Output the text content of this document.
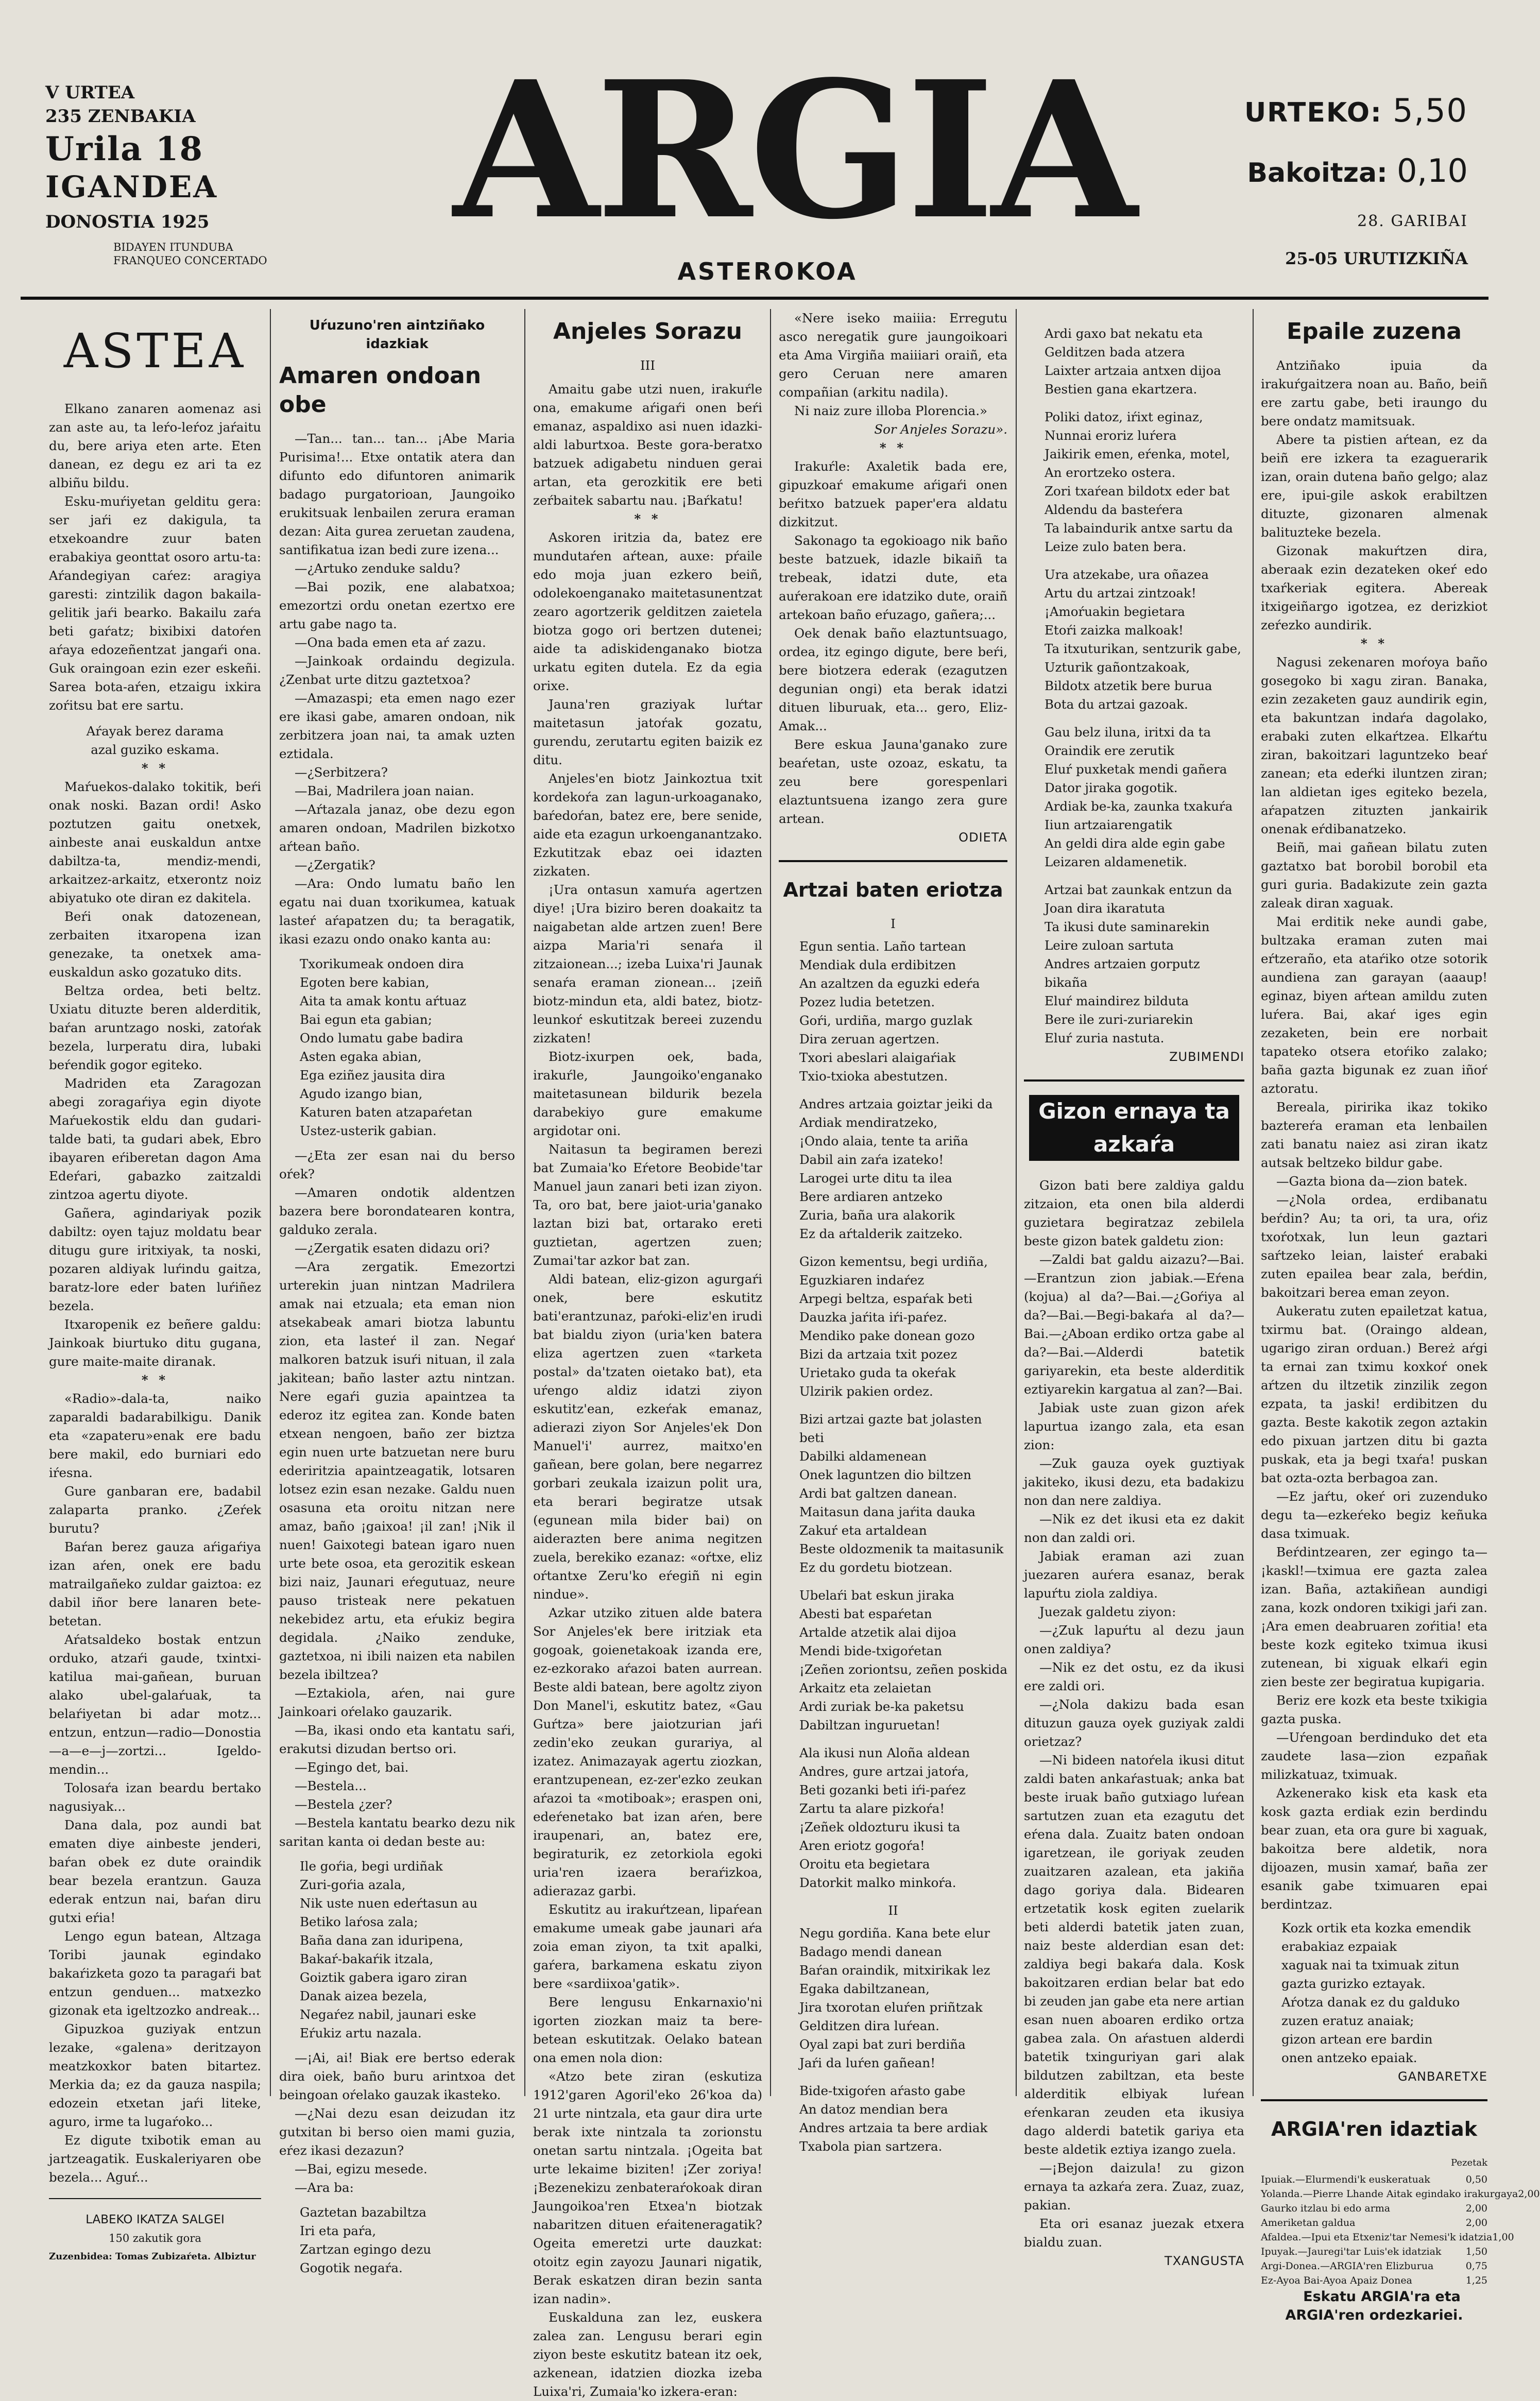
V URTEA
235 ZENBAKIA
Urila 18
IGANDEA
DONOSTIA 1925
BIDAYEN ITUNDUBA
FRANQUEO CONCERTADO ARGIA
ASTEROKOA
URTEKO: 5,50
Bakoitza: 0,10
28. GARIBAI
25-05 URUTIZKIÑA
ASTEA

Elkano zanaren aomenaz asi zan aste au, ta leŕo-leŕoz jaŕaitu du, bere ariya eten arte. Eten danean, ez degu ez ari ta ez albiñu bildu.

Esku-muŕiyetan gelditu gera: ser jaŕi ez dakigula, ta etxekoandre zuur baten erabakiya geonttat osoro artu-ta: Aŕandegiyan caŕez: aragiya garesti: zintzilik dagon bakaila-gelitik jaŕi bearko. Bakailu zaŕa beti gaŕatz; bixibixi datoŕen aŕaya edozeñentzat jangaŕi ona. Guk oraingoan ezin ezer eskeñi. Sarea bota-aŕen, etzaigu ixkira zoŕitsu bat ere sartu.

Aŕayak berez darama

azal guziko eskama.

* *

Maŕuekos-dalako tokitik, beŕi onak noski. Bazan ordi! Asko poztutzen gaitu onetxek, ainbeste anai euskaldun antxe dabiltza-ta, mendiz-mendi, arkaitzez-arkaitz, etxerontz noiz abiyatuko ote diran ez dakitela.

Beŕi onak datozenean, zerbaiten itxaropena izan genezake, ta onetxek ama-euskaldun asko gozatuko dits.

Beltza ordea, beti beltz. Uxiatu dituzte beren alderditik, baŕan aruntzago noski, zatoŕak bezela, lurperatu dira, lubaki beŕendik gogor egiteko.

Madriden eta Zaragozan abegi zoragaŕiya egin diyote Maŕuekostik eldu dan gudari-talde bati, ta gudari abek, Ebro ibayaren eŕiberetan dagon Ama Edeŕari, gabazko zaitzaldi zintzoa agertu diyote.

Gañera, agindariyak pozik dabiltz: oyen tajuz moldatu bear ditugu gure iritxiyak, ta noski, pozaren aldiyak luŕindu gaitza, baratz-lore eder baten luŕiñez bezela.

Itxaropenik ez beñere galdu: Jainkoak biurtuko ditu gugana, gure maite-maite diranak.

* *

«Radio»-dala-ta, naiko zaparaldi badarabilkigu. Danik eta «zapateru»enak ere badu bere makil, edo burniari edo iŕesna.

Gure ganbaran ere, badabil zalaparta pranko. ¿Zeŕek burutu?

Baŕan berez gauza aŕigaŕiya izan aŕen, onek ere badu matrailgañeko zuldar gaiztoa: ez dabil iñor bere lanaren bete-betetan.

Aŕatsaldeko bostak entzun orduko, atzaŕi gaude, txintxi-katilua mai-gañean, buruan alako ubel-galaŕuak, ta belaŕiyetan bi adar motz... entzun, entzun—radio—Donostia—a—e—j—zortzi... Igeldo-mendin...

Tolosaŕa izan beardu bertako nagusiyak...

Dana dala, poz aundi bat ematen diye ainbeste jenderi, baŕan obek ez dute oraindik bear bezela erantzun. Gauza ederak entzun nai, baŕan diru gutxi eŕia!

Lengo egun batean, Altzaga Toribi jaunak egindako bakaŕizketa gozo ta paragaŕi bat entzun genduen... matxezko gizonak eta igeltzozko andreak...

Gipuzkoa guziyak entzun lezake, «galena» deritzayon meatzkoxkor baten bitartez. Merkia da; ez da gauza naspila; edozein etxetan jaŕi liteke, aguro, irme ta lugaŕoko...

Ez digute txibotik eman au jartzeagatik. Euskaleriyaren obe bezela... Aguŕ...

LABEKO IKATZA SALGEI

150 zakutik gora

Zuzenbidea: Tomas Zubizaŕeta. Albiztur

Uŕuzuno'ren aintziñako idazkiak
Amaren ondoan obe

—Tan... tan... tan... ¡Abe Maria Purisima!... Etxe ontatik atera dan difunto edo difuntoren animarik badago purgatorioan, Jaungoiko erukitsuak lenbailen zerura eraman dezan: Aita gurea zeruetan zaudena, santifikatua izan bedi zure izena...

—¿Artuko zenduke saldu?

—Bai pozik, ene alabatxoa; emezortzi ordu onetan ezertxo ere artu gabe nago ta.

—Ona bada emen eta aŕ zazu.

—Jainkoak ordaindu degizula. ¿Zenbat urte ditzu gaztetxoa?

—Amazaspi; eta emen nago ezer ere ikasi gabe, amaren ondoan, nik zerbitzera joan nai, ta amak uzten eztidala.

—¿Serbitzera?

—Bai, Madrilera joan naian.

—Aŕtazala janaz, obe dezu egon amaren ondoan, Madrilen bizkotxo aŕtean baño.

—¿Zergatik?

—Ara: Ondo lumatu baño len egatu nai duan txorikumea, katuak lasteŕ aŕapatzen du; ta beragatik, ikasi ezazu ondo onako kanta au:

Txorikumeak ondoen dira

Egoten bere kabian,

Aita ta amak kontu aŕtuaz

Bai egun eta gabian;

Ondo lumatu gabe badira

Asten egaka abian,

Ega eziñez jausita dira

Agudo izango bian,

Katuren baten atzapaŕetan

Ustez-usterik gabian.

—¿Eta zer esan nai du berso oŕek?

—Amaren ondotik aldentzen bazera bere borondatearen kontra, galduko zerala.

—¿Zergatik esaten didazu ori?

—Ara zergatik. Emezortzi urterekin juan nintzan Madrilera amak nai etzuala; eta eman nion atsekabeak amari biotza labuntu zion, eta lasteŕ il zan. Negaŕ malkoren batzuk isuŕi nituan, il zala jakitean; baño laster aztu nintzan. Nere egaŕi guzia apaintzea ta ederoz itz egitea zan. Konde baten etxean nengoen, baño zer biztza egin nuen urte batzuetan nere buru ederiritzia apaintzeagatik, lotsaren lotsez ezin esan nezake. Galdu nuen osasuna eta oroitu nitzan nere amaz, baño ¡gaixoa! ¡il zan! ¡Nik il nuen! Gaixotegi batean igaro nuen urte bete osoa, eta gerozitik eskean bizi naiz, Jaunari eŕegutuaz, neure pauso tristeak nere pekatuen nekebidez artu, eta eŕukiz begira degidala. ¿Naiko zenduke, gaztetxoa, ni ibili naizen eta nabilen bezela ibiltzea?

—Eztakiola, aŕen, nai gure Jainkoari oŕelako gauzarik.

—Ba, ikasi ondo eta kantatu saŕi, erakutsi dizudan bertso ori.

—Egingo det, bai.

—Bestela...

—Bestela ¿zer?

—Bestela kantatu bearko dezu nik saritan kanta oi dedan beste au:

Ile goŕia, begi urdiñak

Zuri-goŕia azala,

Nik uste nuen edeŕtasun au

Betiko laŕosa zala;

Baña dana zan iduripena,

Bakaŕ-bakaŕik itzala,

Goiztik gabera igaro ziran

Danak aizea bezela,

Negaŕez nabil, jaunari eske

Eŕukiz artu nazala.

—¡Ai, ai! Biak ere bertso ederak dira oiek, baño buru arintxoa det beingoan oŕelako gauzak ikasteko.

—¿Nai dezu esan deizudan itz gutxitan bi berso oien mami guzia, eŕez ikasi dezazun?

—Bai, egizu mesede.

—Ara ba:

Gaztetan bazabiltza

Iri eta paŕa,

Zartzan egingo dezu

Gogotik negaŕa.

Anjeles Sorazu

III

Amaitu gabe utzi nuen, irakuŕle ona, emakume aŕigaŕi onen beŕi emanaz, aspaldixo asi nuen idazki-aldi laburtxoa. Beste gora-beratxo batzuek adigabetu ninduen gerai artan, eta gerozkitik ere beti zeŕbaitek sabartu nau. ¡Baŕkatu!

* *

Askoren iritzia da, batez ere mundutaŕen aŕtean, auxe: pŕaile edo moja juan ezkero beiñ, odolekoenganako maitetasunentzat zearo agortzerik gelditzen zaietela biotza gogo ori bertzen dutenei; aide ta adiskidenganako biotza urkatu egiten dutela. Ez da egia orixe.

Jauna'ren graziyak luŕtar maitetasun jatoŕak gozatu, gurendu, zerutartu egiten baizik ez ditu.

Anjeles'en biotz Jainkoztua txit kordekoŕa zan lagun-urkoaganako, baŕedoŕan, batez ere, bere senide, aide eta ezagun urkoenganantzako. Ezkutitzak ebaz oei idazten zizkaten.

¡Ura ontasun xamuŕa agertzen diye! ¡Ura biziro beren doakaitz ta naigabetan alde artzen zuen! Bere aizpa Maria'ri senaŕa il zitzaionean...; izeba Luixa'ri Jaunak senaŕa eraman zionean... ¡zeiñ biotz-mindun eta, aldi batez, biotz-leunkoŕ eskutitzak bereei zuzendu zizkaten!

Biotz-ixurpen oek, bada, irakuŕle, Jaungoiko'enganako maitetasunean bildurik bezela darabekiyo gure emakume argidotar oni.

Naitasun ta begiramen berezi bat Zumaia'ko Eŕetore Beobide'tar Manuel jaun zanari beti izan ziyon. Ta, oro bat, bere jaiot-uria'ganako laztan bizi bat, ortarako ereti guztietan, agertzen zuen; Zumai'tar azkor bat zan.

Aldi batean, eliz-gizon agurgaŕi onek, bere eskutitz bati'erantzunaz, paŕoki-eliz'en irudi bat bialdu ziyon (uria'ken batera eliza agertzen zuen «tarketa postal» da'tzaten oietako bat), eta uŕengo aldiz idatzi ziyon eskutitz'ean, ezkeŕak emanaz, adierazi ziyon Sor Anjeles'ek Don Manuel'i' aurrez, maitxo'en gañean, bere golan, bere negarrez gorbari zeukala izaizun polit ura, eta berari begiratze utsak (egunean mila bider bai) on aiderazten bere anima negitzen zuela, berekiko ezanaz: «oŕtxe, eliz oŕtantxe Zeru'ko eŕegiñ ni egin nindue».

Azkar utziko zituen alde batera Sor Anjeles'ek bere iritziak eta gogoak, goienetakoak izanda ere, ez-ezkorako aŕazoi baten aurrean. Beste aldi batean, bere agoltz ziyon Don Manel'i, eskutitz batez, «Gau Guŕtza» bere jaiotzurian jaŕi zedin'eko zeukan gurariya, al izatez. Animazayak agertu ziozkan, erantzupenean, ez-zer'ezko zeukan aŕazoi ta «motiboak»; eraspen oni, edeŕenetako bat izan aŕen, bere iraupenari, an, batez ere, begiraturik, ez zetorkiola egoki uria'ren izaera beraŕizkoa, adierazaz garbi.

Eskutitz au irakuŕtzean, lipaŕean emakume umeak gabe jaunari aŕa zoia eman ziyon, ta txit apalki, gaŕera, barkamena eskatu ziyon bere «sardiixoa'gatik».

Bere lengusu Enkarnaxio'ni igorten ziozkan maiz ta bere-betean eskutitzak. Oelako batean ona emen nola dion:

«Atzo bete ziran (eskutiza 1912'garen Agoril'eko 26'koa da) 21 urte nintzala, eta gaur dira urte berak ixte nintzala ta zorionstu onetan sartu nintzala. ¡Ogeita bat urte lekaime biziten! ¡Zer zoriya! ¡Bezenekizu zenbateraŕokoak diran Jaungoikoa'ren Etxea'n biotzak nabaritzen dituen eŕaiteneragatik? Ogeita emeretzi urte dauzkat: otoitz egin zayozu Jaunari nigatik, Berak eskatzen diran bezin santa izan nadin».

Euskalduna zan lez, euskera zalea zan. Lengusu berari egin ziyon beste eskutitz batean itz oek, azkenean, idatzien diozka izeba Luixa'ri, Zumaia'ko izkera-eran:

«Nere iseko maiiia: Erregutu asco neregatik gure jaungoikoari eta Ama Virgiña maiiiari oraiñ, eta gero Ceruan nere amaren compañian (arkitu nadila).

Ni naiz zure illoba Plorencia.»

Sor Anjeles Sorazu».

* *

Irakuŕle: Axaletik bada ere, gipuzkoaŕ emakume aŕigaŕi onen beŕitxo batzuek paper'era aldatu dizkitzut.

Sakonago ta egokioago nik baño beste batzuek, idazle bikaiñ ta trebeak, idatzi dute, eta auŕerakoan ere idatziko dute, oraiñ artekoan baño eŕuzago, gañera;...

Oek denak baño elaztuntsuago, ordea, itz egingo digute, bere beŕi, bere biotzera ederak (ezagutzen degunian ongi) eta berak idatzi dituen liburuak, eta... gero, Eliz-Amak...

Bere eskua Jauna'ganako zure beaŕetan, uste ozoaz, eskatu, ta zeu bere gorespenlari elaztuntsuena izango zera gure artean.

ODIETA

Artzai baten eriotza

I

Egun sentia. Laño tartean

Mendiak dula erdibitzen

An azaltzen da eguzki edeŕa

Pozez ludia betetzen.

Goŕi, urdiña, margo guzlak

Dira zeruan agertzen.

Txori abeslari alaigaŕiak

Txio-txioka abestutzen.

Andres artzaia goiztar jeiki da

Ardiak mendiratzeko,

¡Ondo alaia, tente ta ariña

Dabil ain zaŕa izateko!

Larogei urte ditu ta ilea

Bere ardiaren antzeko

Zuria, baña ura alakorik

Ez da aŕtalderik zaitzeko.

Gizon kementsu, begi urdiña,

Eguzkiaren indaŕez

Arpegi beltza, espaŕak beti

Dauzka jaŕita iŕi-paŕez.

Mendiko pake donean gozo

Bizi da artzaia txit pozez

Urietako guda ta okeŕak

Ulzirik pakien ordez.

Bizi artzai gazte bat jolasten beti

Dabilki aldamenean

Onek laguntzen dio biltzen

Ardi bat galtzen danean.

Maitasun dana jaŕita dauka

Zakuŕ eta artaldean

Beste oldozmenik ta maitasunik

Ez du gordetu biotzean.

Ubelaŕi bat eskun jiraka

Abesti bat espaŕetan

Artalde atzetik alai dijoa

Mendi bide-txigoŕetan

¡Zeñen zoriontsu, zeñen poskida

Arkaitz eta zelaietan

Ardi zuriak be-ka paketsu

Dabiltzan inguruetan!

Ala ikusi nun Aloña aldean

Andres, gure artzai jatoŕa,

Beti gozanki beti iŕi-paŕez

Zartu ta alare pizkoŕa!

¡Zeñek oldozturu ikusi ta

Aren eriotz gogoŕa!

Oroitu eta begietara

Datorkit malko minkoŕa.

II

Negu gordiña. Kana bete elur

Badago mendi danean

Baŕan oraindik, mitxirikak lez

Egaka dabiltzanean,

Jira txorotan eluŕen priñtzak

Gelditzen dira luŕean.

Oyal zapi bat zuri berdiña

Jaŕi da luŕen gañean!

Bide-txigoŕen aŕasto gabe

An datoz mendian bera

Andres artzaia ta bere ardiak

Txabola pian sartzera.

Ardi gaxo bat nekatu eta

Gelditzen bada atzera

Laixter artzaia antxen dijoa

Bestien gana ekartzera.

Poliki datoz, iŕixt eginaz,

Nunnai eroriz luŕera

Jaikirik emen, eŕenka, motel,

An erortzeko ostera.

Zori txaŕean bildotx eder bat

Aldendu da basteŕera

Ta labaindurik antxe sartu da

Leize zulo baten bera.

Ura atzekabe, ura oñazea

Artu du artzai zintzoak!

¡Amoŕuakin begietara

Etoŕi zaizka malkoak!

Ta itxuturikan, sentzurik gabe,

Uzturik gañontzakoak,

Bildotx atzetik bere burua

Bota du artzai gazoak.

Gau belz iluna, iritxi da ta

Oraindik ere zerutik

Eluŕ puxketak mendi gañera

Dator jiraka gogotik.

Ardiak be-ka, zaunka txakuŕa

Iiun artzaiarengatik

An geldi dira alde egin gabe

Leizaren aldamenetik.

Artzai bat zaunkak entzun da

Joan dira ikaratuta

Ta ikusi dute saminarekin

Leire zuloan sartuta

Andres artzaien gorputz bikaña

Eluŕ maindirez bilduta

Bere ile zuri-zuriarekin

Eluŕ zuria nastuta.

ZUBIMENDI

Gizon ernaya ta azkaŕa

Gizon bati bere zaldiya galdu zitzaion, eta onen bila alderdi guzietara begiratzaz zebilela beste gizon batek galdetu zion:

—Zaldi bat galdu aizazu?—Bai.—Erantzun zion jabiak.—Eŕena (kojua) al da?—Bai.—¿Goŕiya al da?—Bai.—Begi-bakaŕa al da?—Bai.—¿Aboan erdiko ortza gabe al da?—Bai.—Alderdi batetik gariyarekin, eta beste alderditik eztiyarekin kargatua al zan?—Bai.

Jabiak uste zuan gizon aŕek lapurtua izango zala, eta esan zion:

—Zuk gauza oyek guztiyak jakiteko, ikusi dezu, eta badakizu non dan nere zaldiya.

—Nik ez det ikusi eta ez dakit non dan zaldi ori.

Jabiak eraman azi zuan juezaren auŕera esanaz, berak lapuŕtu ziola zaldiya.

Juezak galdetu ziyon:

—¿Zuk lapuŕtu al dezu jaun onen zaldiya?

—Nik ez det ostu, ez da ikusi ere zaldi ori.

—¿Nola dakizu bada esan dituzun gauza oyek guziyak zaldi orietzaz?

—Ni bideen natoŕela ikusi ditut zaldi baten ankaŕastuak; anka bat beste iruak baño gutxiago luŕean sartutzen zuan eta ezagutu det eŕena dala. Zuaitz baten ondoan igaretzean, ile goriyak zeuden zuaitzaren azalean, eta jakiña dago goriya dala. Bidearen ertzetatik kosk egiten zuelarik beti alderdi batetik jaten zuan, naiz beste alderdian esan det: zaldiya begi bakaŕa dala. Kosk bakoitzaren erdian belar bat edo bi zeuden jan gabe eta nere artian esan nuen aboaren erdiko ortza gabea zala. On aŕastuen alderdi batetik txinguriyan gari alak bildutzen zabiltzan, eta beste alderditik elbiyak luŕean eŕenkaran zeuden eta ikusiya dago alderdi batetik gariya eta beste aldetik eztiya izango zuela.

—¡Bejon daizula! zu gizon ernaya ta azkaŕa zera. Zuaz, zuaz, pakian.

Eta ori esanaz juezak etxera bialdu zuan.

TXANGUSTA

Epaile zuzena

Antziñako ipuia da irakuŕgaitzera noan au. Baño, beiñ ere zartu gabe, beti iraungo du bere ondatz mamitsuak.

Abere ta pistien aŕtean, ez da beiñ ere izkera ta ezaguerarik izan, orain dutena baño gelgo; alaz ere, ipui-gile askok erabiltzen dituzte, gizonaren almenak balituzteke bezela.

Gizonak makuŕtzen dira, aberaak ezin dezateken okeŕ edo txaŕkeriak egitera. Abereak itxigeiñargo igotzea, ez derizkiot zeŕezko aundirik.

* *

Nagusi zekenaren moŕoya baño gosegoko bi xagu ziran. Banaka, ezin zezaketen gauz aundirik egin, eta bakuntzan indaŕa dagolako, erabaki zuten elkaŕtzea. Elkaŕtu ziran, bakoitzari laguntzeko beaŕ zanean; eta edeŕki iluntzen ziran; lan aldietan iges egiteko bezela, aŕapatzen zituzten jankairik onenak eŕdibanatzeko.

Beiñ, mai gañean bilatu zuten gaztatxo bat borobil borobil eta guri guria. Badakizute zein gazta zaleak diran xaguak.

Mai erditik neke aundi gabe, bultzaka eraman zuten mai eŕtzeraño, eta ataŕiko otze sotorik aundiena zan garayan (aaaup! eginaz, biyen aŕtean amildu zuten luŕera. Bai, akaŕ iges egin zezaketen, bein ere norbait tapateko otsera etoŕiko zalako; baña gazta bigunak ez zuan iñoŕ aztoratu.

Bereala, piririka ikaz tokiko baztereŕa eraman eta lenbailen zati banatu naiez asi ziran ikatz autsak beltzeko bildur gabe.

—Gazta biona da—zion batek.

—¿Nola ordea, erdibanatu beŕdin? Au; ta ori, ta ura, oŕiz txoŕotxak, lun leun gaztari saŕtzeko leian, laisteŕ erabaki zuten epailea bear zala, beŕdin, bakoitzari berea eman zeyon.

Aukeratu zuten epailetzat katua, txirmu bat. (Oraingo aldean, ugarigo ziran orduan.) Bereż aŕgi ta ernai zan tximu koxkoŕ onek aŕtzen du iltzetik zinzilik zegon ezpata, ta jaski! erdibitzen du gazta. Beste kakotik zegon aztakin edo pixuan jartzen ditu bi gazta puskak, eta ja begi txaŕa! puskan bat ozta-ozta berbagoa zan.

—Ez jaŕtu, okeŕ ori zuzenduko degu ta—ezkeŕeko begiz keñuka dasa tximuak.

Beŕdintzearen, zer egingo ta—¡kaskl!—tximua ere gazta zalea izan. Baña, aztakiñean aundigi zana, kozk ondoren txikigi jaŕi zan. ¡Ara emen deabruaren zoŕitia! eta beste kozk egiteko tximua ikusi zutenean, bi xiguak elkaŕi egin zien beste zer begiratua kupigaria.

Beriz ere kozk eta beste txikigia gazta puska.

—Uŕengoan berdinduko det eta zaudete lasa—zion ezpañak milizkatuaz, tximuak.

Azkenerako kisk eta kask eta kosk gazta erdiak ezin berdindu bear zuan, eta ora gure bi xaguak, bakoitza bere aldetik, nora dijoazen, musin xamaŕ, baña zer esanik gabe tximuaren epai berdintzaz.

Kozk ortik eta kozka emendik

erabakiaz ezpaiak

xaguak nai ta tximuak zitun

gazta gurizko eztayak.

Aŕotza danak ez du galduko

zuzen eratuz anaiak;

gizon artean ere bardin

onen antzeko epaiak.

GANBARETXE

ARGIA'ren idaztiak
Pezetak
Ipuiak.—Elurmendi'k euskeratuak	0,50
Yolanda.—Pierre Lhande Aitak egindako irakurgaya 2,00
Gaurko itzlau bi edo arma	2,00
Ameriketan galdua	2,00
Afaldea.—Ipui eta Etxeniz'tar Nemesi'k idatzia 1,00
Ipuyak.—Jauregi'tar Luis'ek idatziak	1,50
Argi-Donea.—ARGIA'ren Elizburua	0,75
Ez-Ayoa Bai-Ayoa Apaiz Donea	1,25

Eskatu ARGIA'ra eta ARGIA'ren ordezkariei.
